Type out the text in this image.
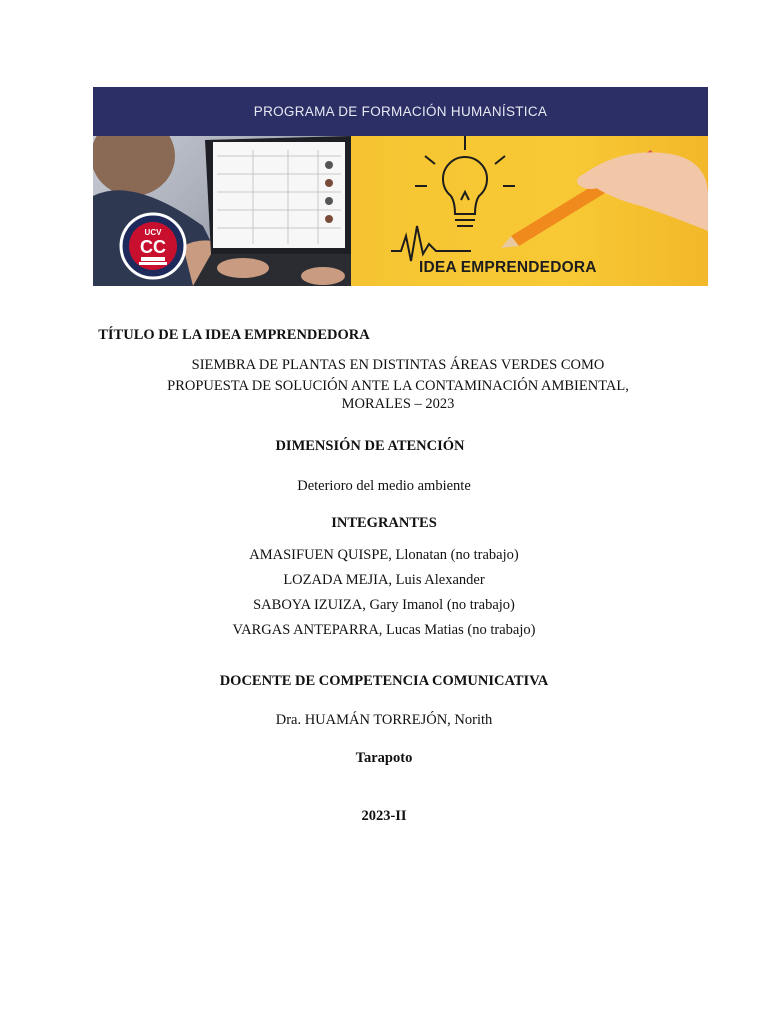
PROGRAMA DE FORMACIÓN HUMANÍSTICA
UCV
CC
IDEA EMPRENDEDORA
TÍTULO DE LA IDEA EMPRENDEDORA
SIEMBRA DE PLANTAS EN DISTINTAS ÁREAS VERDES COMO
PROPUESTA DE SOLUCIÓN ANTE LA CONTAMINACIÓN AMBIENTAL,
MORALES – 2023
DIMENSIÓN DE ATENCIÓN
Deterioro del medio ambiente
INTEGRANTES
AMASIFUEN QUISPE, Llonatan (no trabajo)
LOZADA MEJIA, Luis Alexander
SABOYA IZUIZA, Gary Imanol (no trabajo)
VARGAS ANTEPARRA, Lucas Matias (no trabajo)
DOCENTE DE COMPETENCIA COMUNICATIVA
Dra. HUAMÁN TORREJÓN, Norith
Tarapoto
2023-II
